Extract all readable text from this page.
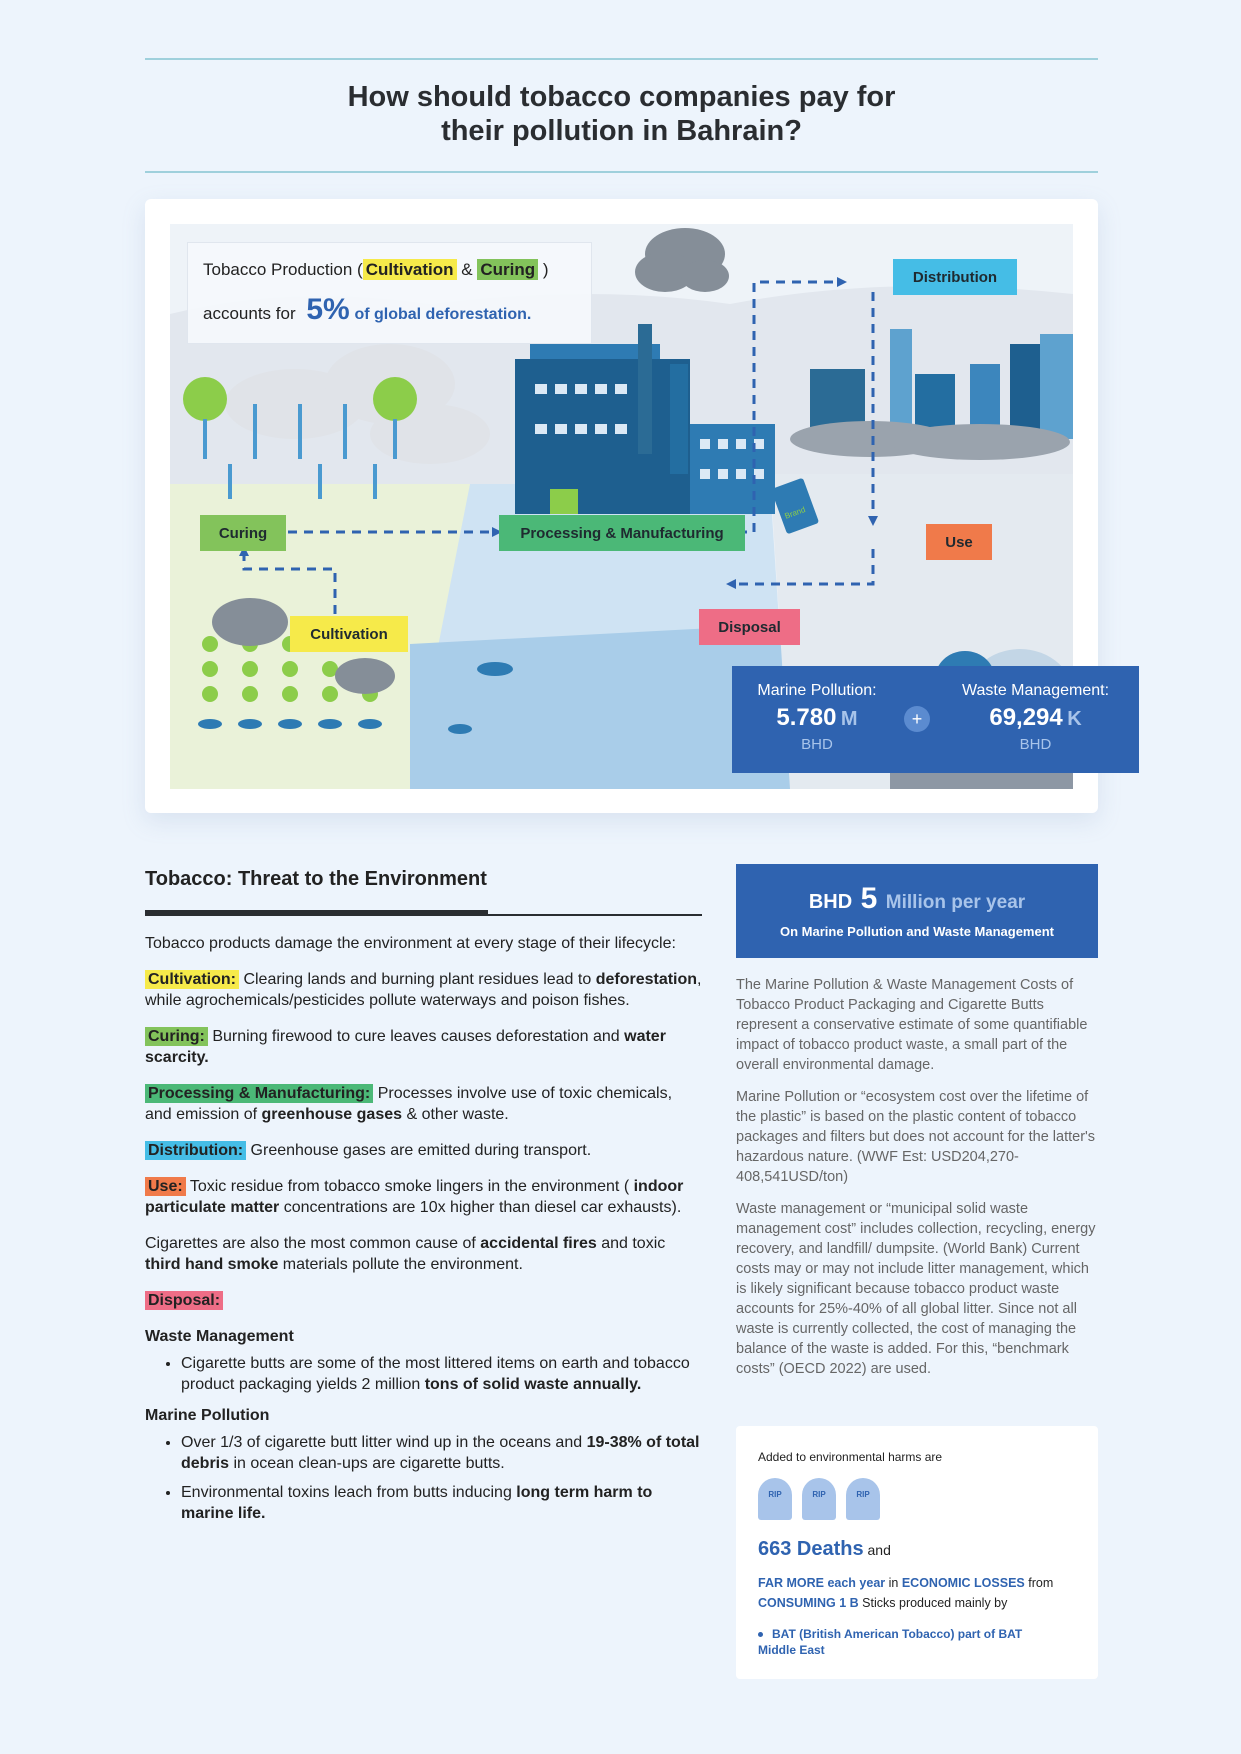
How should tobacco companies pay for
their pollution in Bahrain?
Tobacco Production ( Cultivation & Curing )
accounts for 5% of global deforestation.
Curing
Cultivation
Processing & Manufacturing
Distribution
Use
Disposal
Marine Pollution:
5.780 M
BHD
+
Waste Management:
69,294 K
BHD
Brand
Tobacco: Threat to the Environment

Tobacco products damage the environment at every stage of their lifecycle:

Cultivation: Clearing lands and burning plant residues lead to deforestation, while agrochemicals/pesticides pollute waterways and poison fishes.

Curing: Burning firewood to cure leaves causes deforestation and water scarcity.

Processing & Manufacturing: Processes involve use of toxic chemicals, and emission of greenhouse gases & other waste.

Distribution: Greenhouse gases are emitted during transport.

Use: Toxic residue from tobacco smoke lingers in the environment ( indoor particulate matter concentrations are 10x higher than diesel car exhausts).

Cigarettes are also the most common cause of accidental fires and toxic third hand smoke materials pollute the environment.

Disposal:

Waste Management
• Cigarette butts are some of the most littered items on earth and tobacco product packaging yields 2 million tons of solid waste annually.
Marine Pollution
• Over 1/3 of cigarette butt litter wind up in the oceans and 19-38% of total debris in ocean clean-ups are cigarette butts.
• Environmental toxins leach from butts inducing long term harm to marine life.
BHD 5 Million per year
On Marine Pollution and Waste Management

The Marine Pollution & Waste Management Costs of Tobacco Product Packaging and Cigarette Butts represent a conservative estimate of some quantifiable impact of tobacco product waste, a small part of the overall environmental damage.

Marine Pollution or “ecosystem cost over the lifetime of the plastic” is based on the plastic content of tobacco packages and filters but does not account for the latter's hazardous nature. (WWF Est: USD204,270-408,541USD/ton)

Waste management or “municipal solid waste management cost” includes collection, recycling, energy recovery, and landfill/ dumpsite. (World Bank) Current costs may or may not include litter management, which is likely significant because tobacco product waste accounts for 25%-40% of all global litter. Since not all waste is currently collected, the cost of managing the balance of the waste is added. For this, “benchmark costs” (OECD 2022) are used.

Added to environmental harms are
RIP	RIP	RIP
663 Deaths and
FAR MORE each year in ECONOMIC LOSSES from
CONSUMING 1 B Sticks produced mainly by
BAT (British American Tobacco) part of BAT Middle East
